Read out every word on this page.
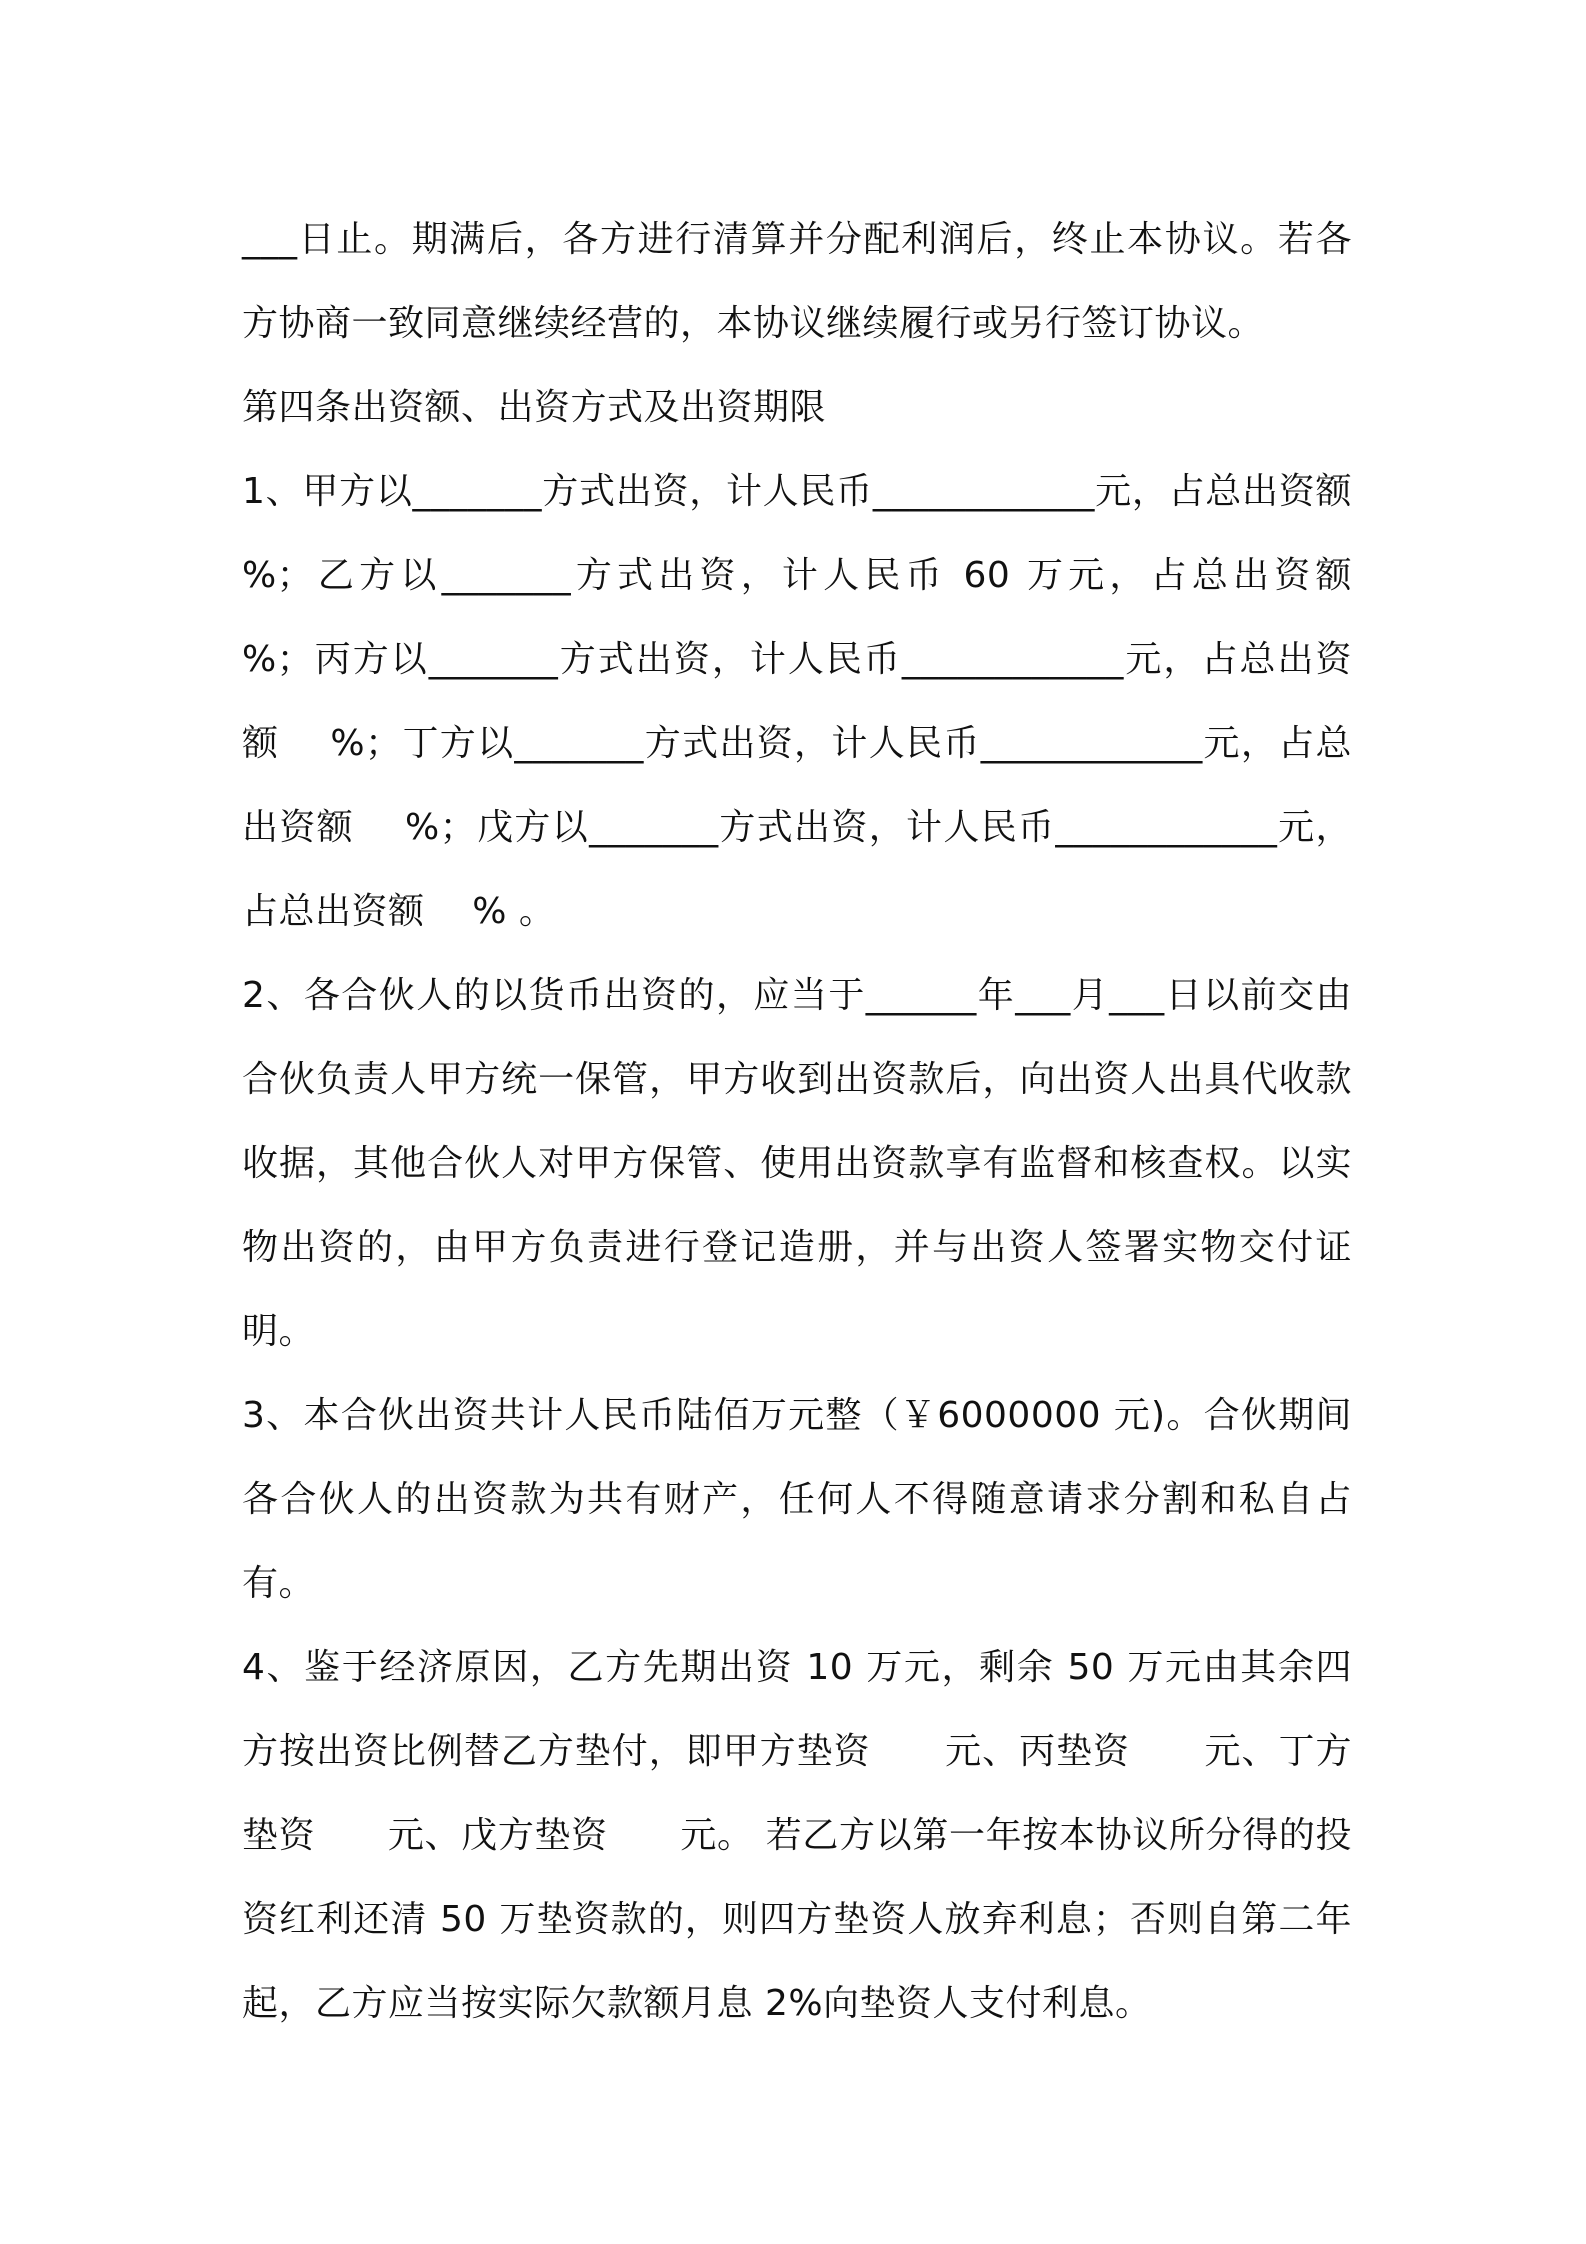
___日止。期满后，各方进行清算并分配利润后，终止本协议。若各方协商一致同意继续经营的，本协议继续履行或另行签订协议。

第四条出资额、出资方式及出资期限

1、甲方以_______方式出资，计人民币____________元，占总出资额    %；乙方以_______方式出资，计人民币 60 万元，占总出资额    %；丙方以_______方式出资，计人民币____________元，占总出资额    %；丁方以_______方式出资，计人民币____________元，占总出资额    %；戊方以_______方式出资，计人民币____________元，占总出资额    % 。

2、各合伙人的以货币出资的，应当于______年___月___日以前交由合伙负责人甲方统一保管，甲方收到出资款后，向出资人出具代收款收据，其他合伙人对甲方保管、使用出资款享有监督和核查权。以实物出资的，由甲方负责进行登记造册，并与出资人签署实物交付证明。

3、本合伙出资共计人民币陆佰万元整（￥6000000 元)。合伙期间各合伙人的出资款为共有财产，任何人不得随意请求分割和私自占有。

4、鉴于经济原因，乙方先期出资 10 万元，剩余 50 万元由其余四方按出资比例替乙方垫付，即甲方垫资      元、丙垫资      元、丁方垫资      元、戊方垫资      元。 若乙方以第一年按本协议所分得的投资红利还清 50 万垫资款的，则四方垫资人放弃利息；否则自第二年起，乙方应当按实际欠款额月息 2%向垫资人支付利息。
